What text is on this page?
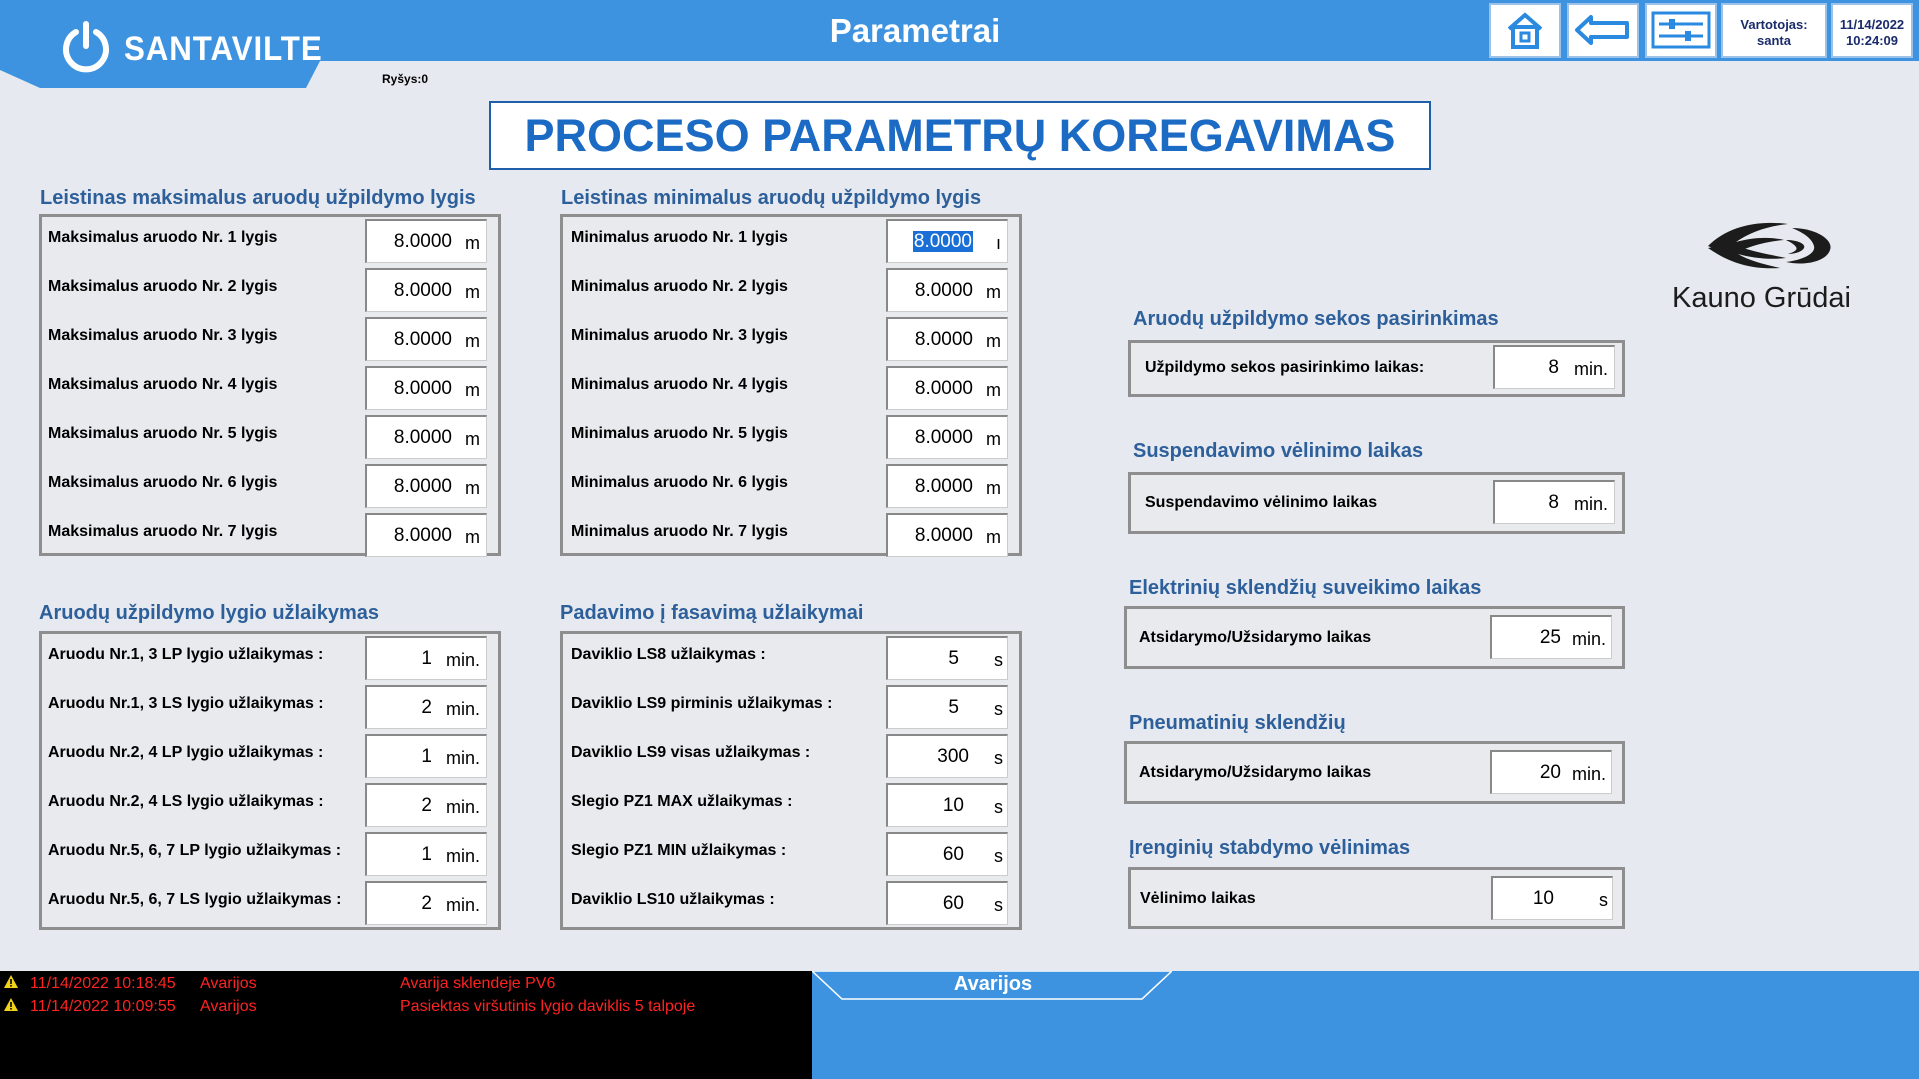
SANTAVILTE	Parametrai	Vartotojas:
santa
11/14/2022
10:24:09
Ryšys:0
PROCESO PARAMETRŲ KOREGAVIMAS
Leistinas maksimalus aruodų užpildymo lygis
Maksimalus aruodo Nr. 1 lygis	8.0000 m
Maksimalus aruodo Nr. 2 lygis	8.0000 m
Maksimalus aruodo Nr. 3 lygis	8.0000 m
Maksimalus aruodo Nr. 4 lygis	8.0000 m
Maksimalus aruodo Nr. 5 lygis	8.0000 m
Maksimalus aruodo Nr. 6 lygis	8.0000 m
Maksimalus aruodo Nr. 7 lygis	8.0000 m
Leistinas minimalus aruodų užpildymo lygis
Minimalus aruodo Nr. 1 lygis	8.0000 ı
Minimalus aruodo Nr. 2 lygis	8.0000 m
Minimalus aruodo Nr. 3 lygis	8.0000 m
Minimalus aruodo Nr. 4 lygis	8.0000 m
Minimalus aruodo Nr. 5 lygis	8.0000 m
Minimalus aruodo Nr. 6 lygis	8.0000 m
Minimalus aruodo Nr. 7 lygis	8.0000 m
Aruodų užpildymo lygio užlaikymas
Aruodu Nr.1, 3 LP lygio užlaikymas :	1 min.
Aruodu Nr.1, 3 LS lygio užlaikymas :	2 min.
Aruodu Nr.2, 4 LP lygio užlaikymas :	1 min.
Aruodu Nr.2, 4 LS lygio užlaikymas :	2 min.
Aruodu Nr.5, 6, 7 LP lygio užlaikymas :	1 min.
Aruodu Nr.5, 6, 7 LS lygio užlaikymas :	2 min.
Padavimo į fasavimą užlaikymai
Daviklio LS8 užlaikymas :	5 s
Daviklio LS9 pirminis užlaikymas :	5 s
Daviklio LS9 visas užlaikymas :	300 s
Slegio PZ1 MAX užlaikymas :	10 s
Slegio PZ1 MIN užlaikymas :	60 s
Daviklio LS10 užlaikymas :	60 s
Kauno Grūdai
Aruodų užpildymo sekos pasirinkimas
Užpildymo sekos pasirinkimo laikas:	8 min.
Suspendavimo vėlinimo laikas
Suspendavimo vėlinimo laikas	8 min.
Elektrinių sklendžių suveikimo laikas
Atsidarymo/Užsidarymo laikas	25 min.
Pneumatinių sklendžių
Atsidarymo/Užsidarymo laikas	20 min.
Įrenginių stabdymo vėlinimas
Vėlinimo laikas	10	s
11/14/2022 10:18:45 Avarijos	Avarija sklendeje PV6
11/14/2022 10:09:55 Avarijos	Pasiektas viršutinis lygio daviklis 5 talpoje
Avarijos
